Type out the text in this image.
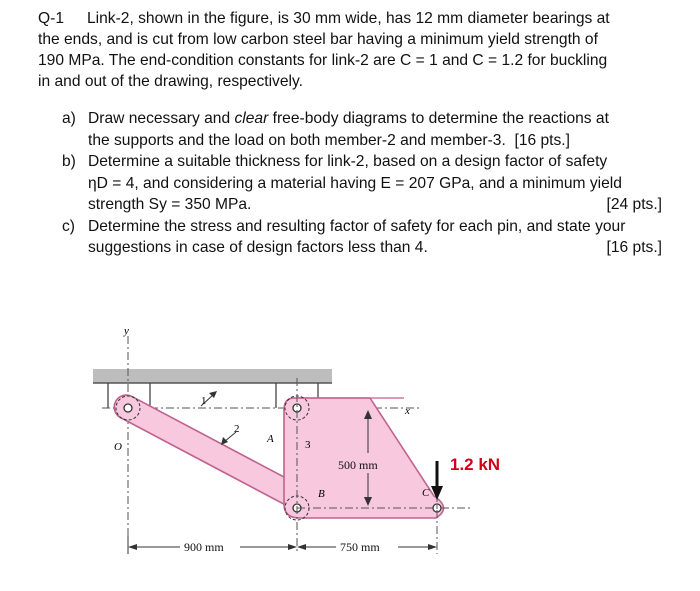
Q-1 Link-2, shown in the figure, is 30 mm wide, has 12 mm diameter bearings at

the ends, and is cut from low carbon steel bar having a minimum yield strength of

190 MPa. The end-condition constants for link-2 are C = 1 and C = 1.2 for buckling

in and out of the drawing, respectively.

a) Draw necessary and clear free-body diagrams to determine the reactions at
the supports and the load on both member-2 and member-3. [16 pts.]
b) Determine a suitable thickness for link-2, based on a design factor of safety
ηD = 4, and considering a material having E = 207 GPa, and a minimum yield
strength Sy = 350 MPa.	[24 pts.]
c) Determine the stress and resulting factor of safety for each pin, and state your
suggestions in case of design factors less than 4.	[16 pts.]
500 mm
900 mm	750 mm
1.2 kN
y
x
O
A
B	C
1
2
3
